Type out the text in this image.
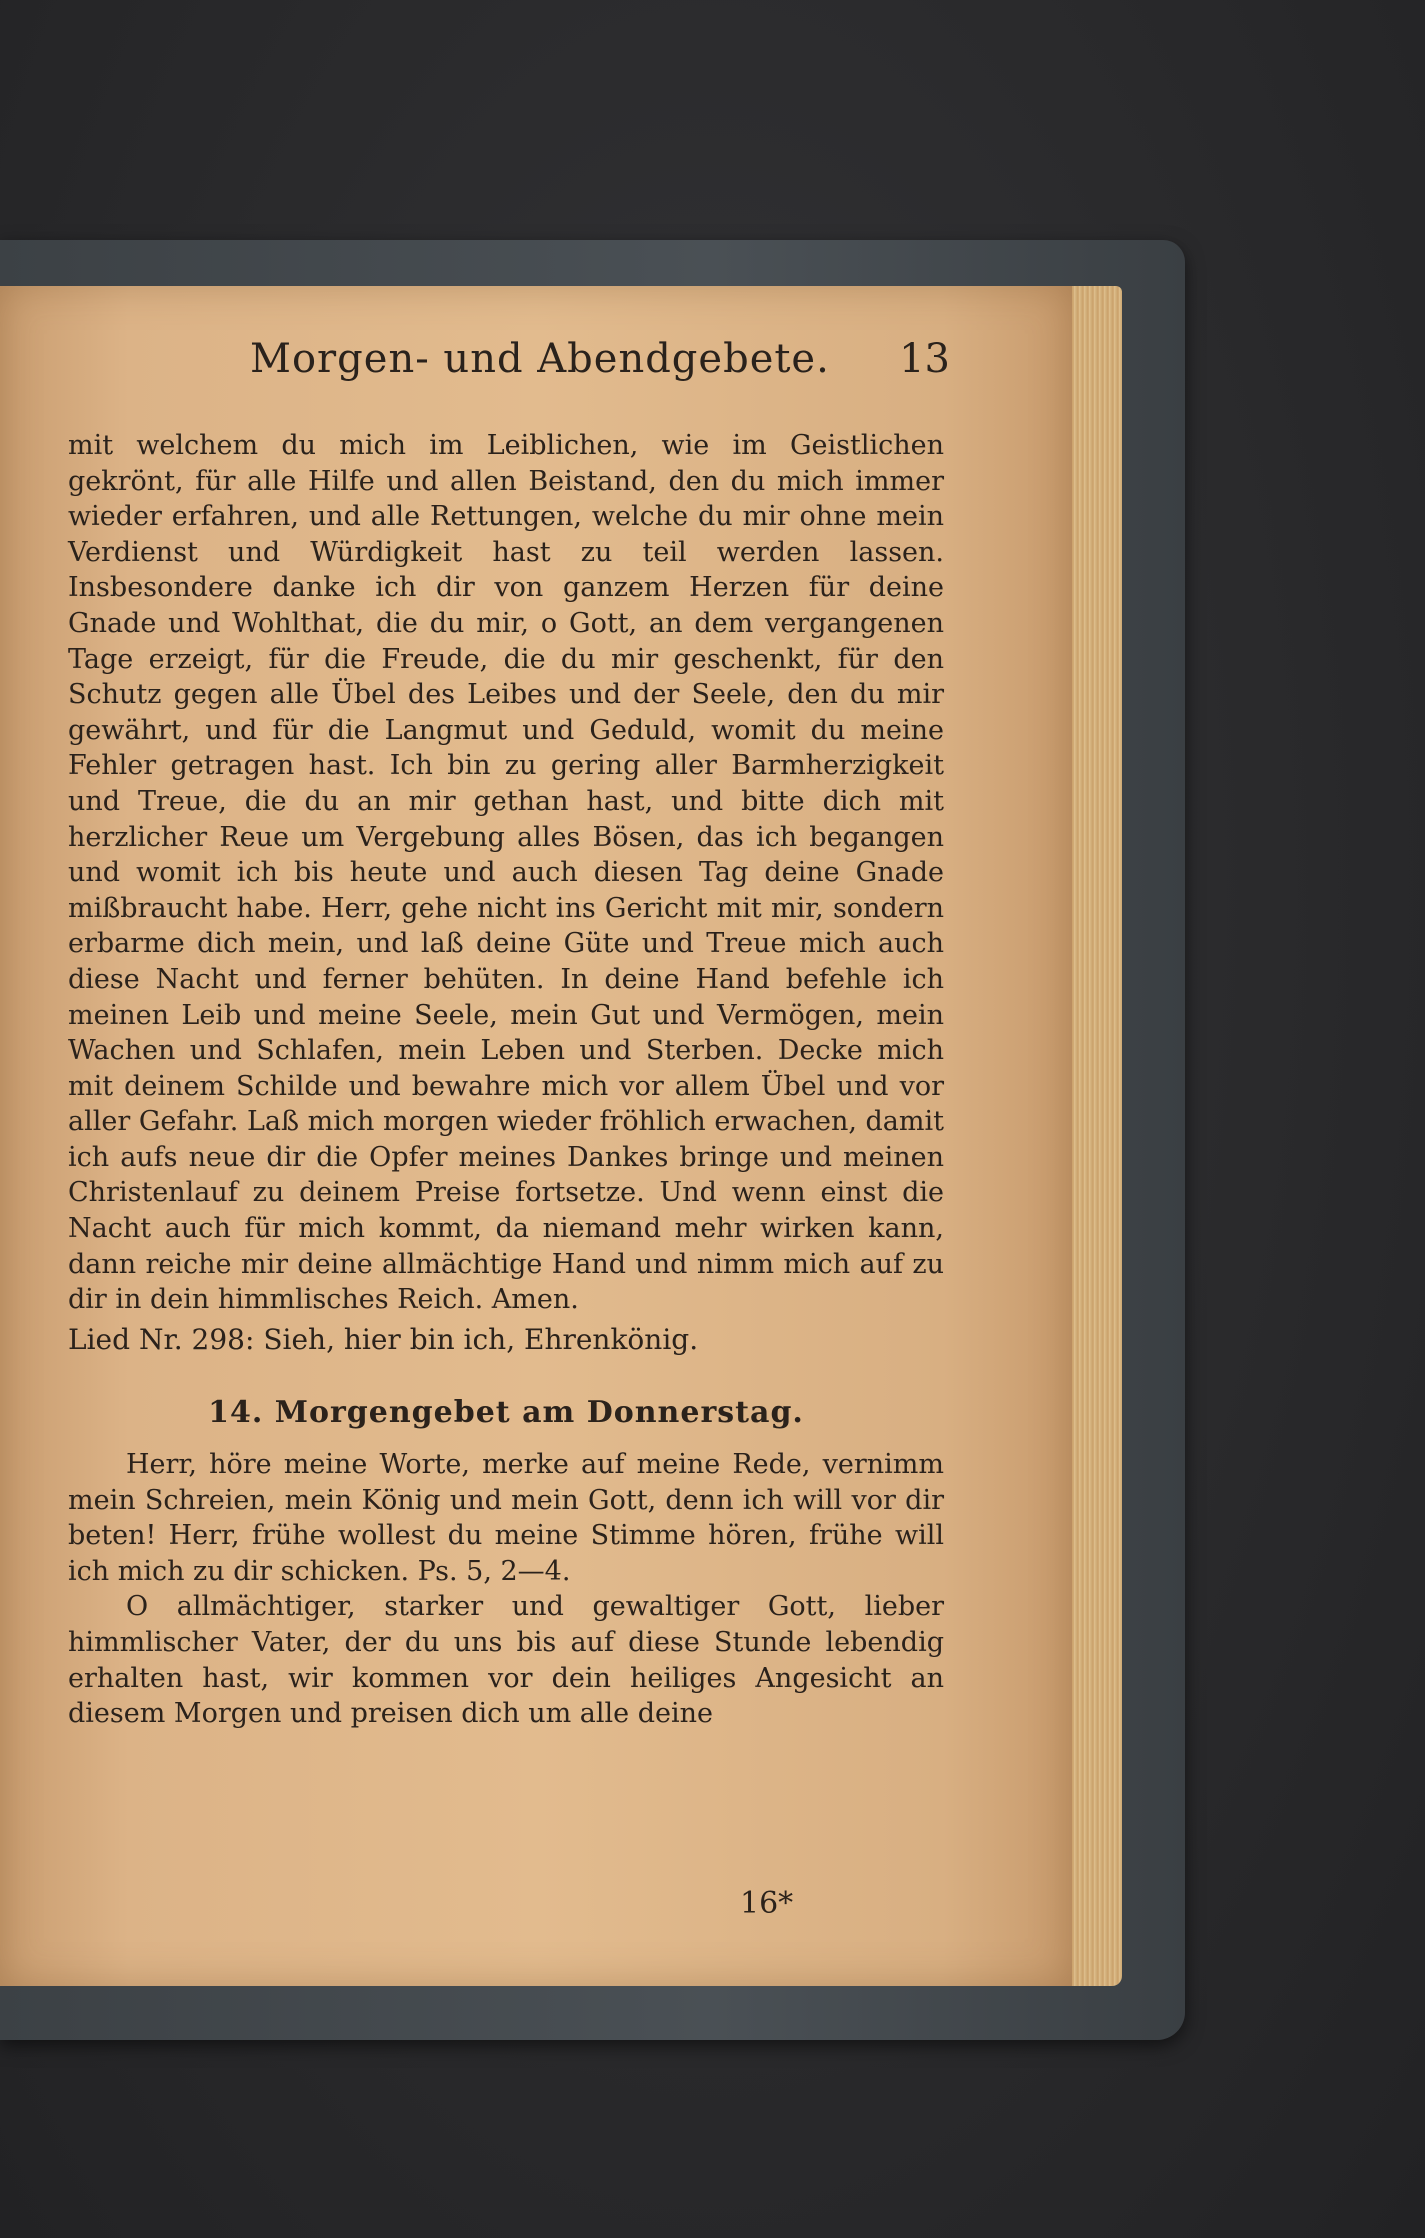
Morgen- und Abendgebete. 13

mit welchem du mich im Leiblichen, wie im Geistlichen gekrönt, für alle Hilfe und allen Beistand, den du mich immer wieder erfahren, und alle Rettungen, welche du mir ohne mein Verdienst und Würdigkeit hast zu teil werden lassen. Insbesondere danke ich dir von ganzem Herzen für deine Gnade und Wohlthat, die du mir, o Gott, an dem vergangenen Tage erzeigt, für die Freude, die du mir geschenkt, für den Schutz gegen alle Übel des Leibes und der Seele, den du mir gewährt, und für die Langmut und Geduld, womit du meine Fehler getragen hast. Ich bin zu gering aller Barmherzigkeit und Treue, die du an mir gethan hast, und bitte dich mit herzlicher Reue um Vergebung alles Bösen, das ich begangen und womit ich bis heute und auch diesen Tag deine Gnade mißbraucht habe. Herr, gehe nicht ins Gericht mit mir, sondern erbarme dich mein, und laß deine Güte und Treue mich auch diese Nacht und ferner behüten. In deine Hand befehle ich meinen Leib und meine Seele, mein Gut und Vermögen, mein Wachen und Schlafen, mein Leben und Sterben. Decke mich mit deinem Schilde und bewahre mich vor allem Übel und vor aller Gefahr. Laß mich morgen wieder fröhlich erwachen, damit ich aufs neue dir die Opfer meines Dankes bringe und meinen Christenlauf zu deinem Preise fortsetze. Und wenn einst die Nacht auch für mich kommt, da niemand mehr wirken kann, dann reiche mir deine allmächtige Hand und nimm mich auf zu dir in dein himmlisches Reich. Amen.

Lied Nr. 298: Sieh, hier bin ich, Ehrenkönig.

14. Morgengebet am Donnerstag.

Herr, höre meine Worte, merke auf meine Rede, vernimm mein Schreien, mein König und mein Gott, denn ich will vor dir beten! Herr, frühe wollest du meine Stimme hören, frühe will ich mich zu dir schicken. Ps. 5, 2—4.

O allmächtiger, starker und gewaltiger Gott, lieber himmlischer Vater, der du uns bis auf diese Stunde lebendig erhalten hast, wir kommen vor dein heiliges Angesicht an diesem Morgen und preisen dich um alle deine

16*
